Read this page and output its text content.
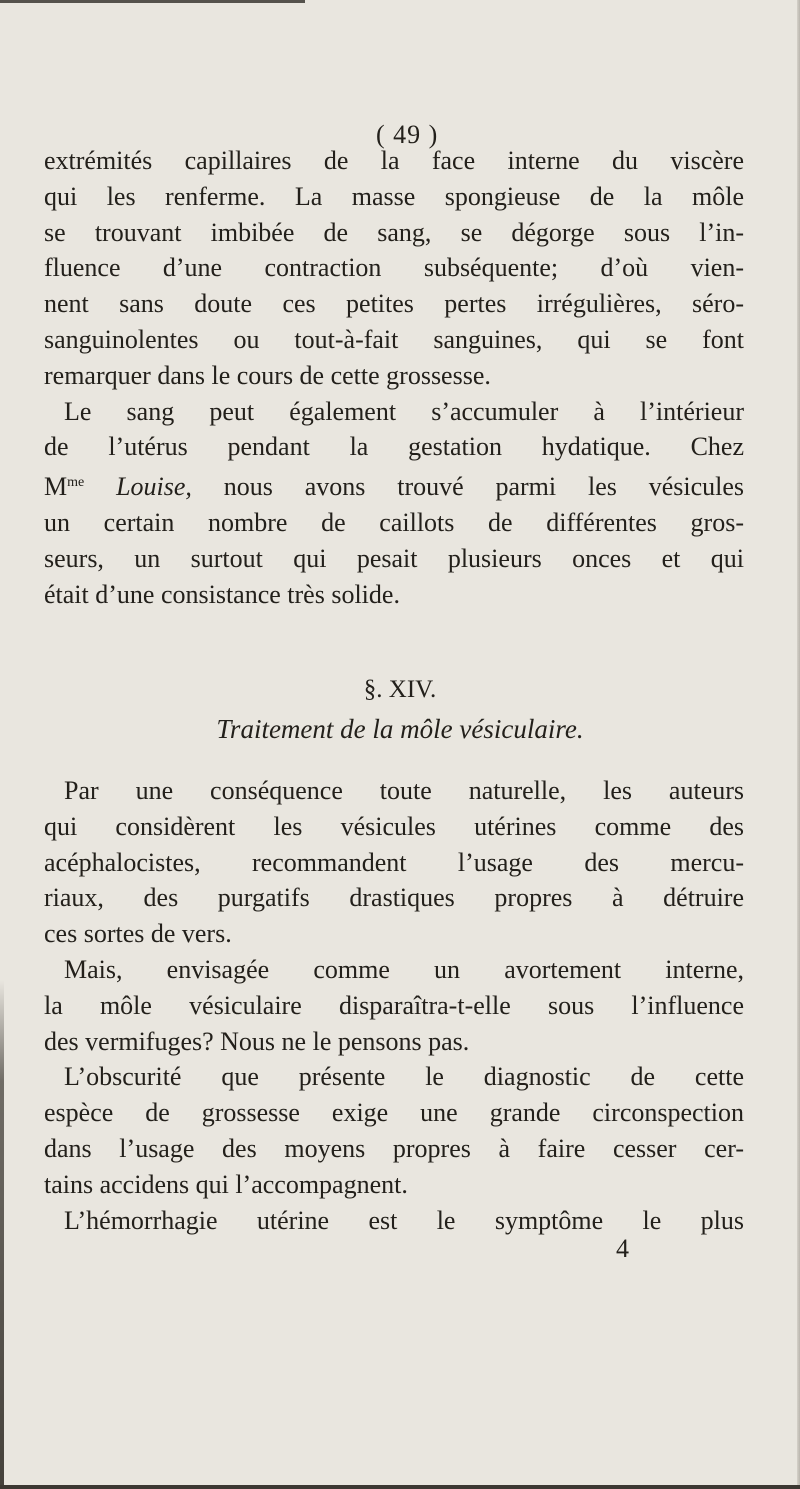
( 49 )

extrémités capillaires de la face interne du viscère

qui les renferme. La masse spongieuse de la môle

se trouvant imbibée de sang, se dégorge sous l’in-

fluence d’une contraction subséquente; d’où vien-

nent sans doute ces petites pertes irrégulières, séro-

sanguinolentes ou tout-à-fait sanguines, qui se font

remarquer dans le cours de cette grossesse.

Le sang peut également s’accumuler à l’intérieur

de l’utérus pendant la gestation hydatique. Chez

$M^{me}$ Louise, nous avons trouvé parmi les vésicules

un certain nombre de caillots de différentes gros-

seurs, un surtout qui pesait plusieurs onces et qui

était d’une consistance très solide.

§. XIV.
Traitement de la môle vésiculaire.

Par une conséquence toute naturelle, les auteurs

qui considèrent les vésicules utérines comme des

acéphalocistes, recommandent l’usage des mercu-

riaux, des purgatifs drastiques propres à détruire

ces sortes de vers.

Mais, envisagée comme un avortement interne,

la môle vésiculaire disparaîtra-t-elle sous l’influence

des vermifuges? Nous ne le pensons pas.

L’obscurité que présente le diagnostic de cette

espèce de grossesse exige une grande circonspection

dans l’usage des moyens propres à faire cesser cer-

tains accidens qui l’accompagnent.

L’hémorrhagie utérine est le symptôme le plus

4
